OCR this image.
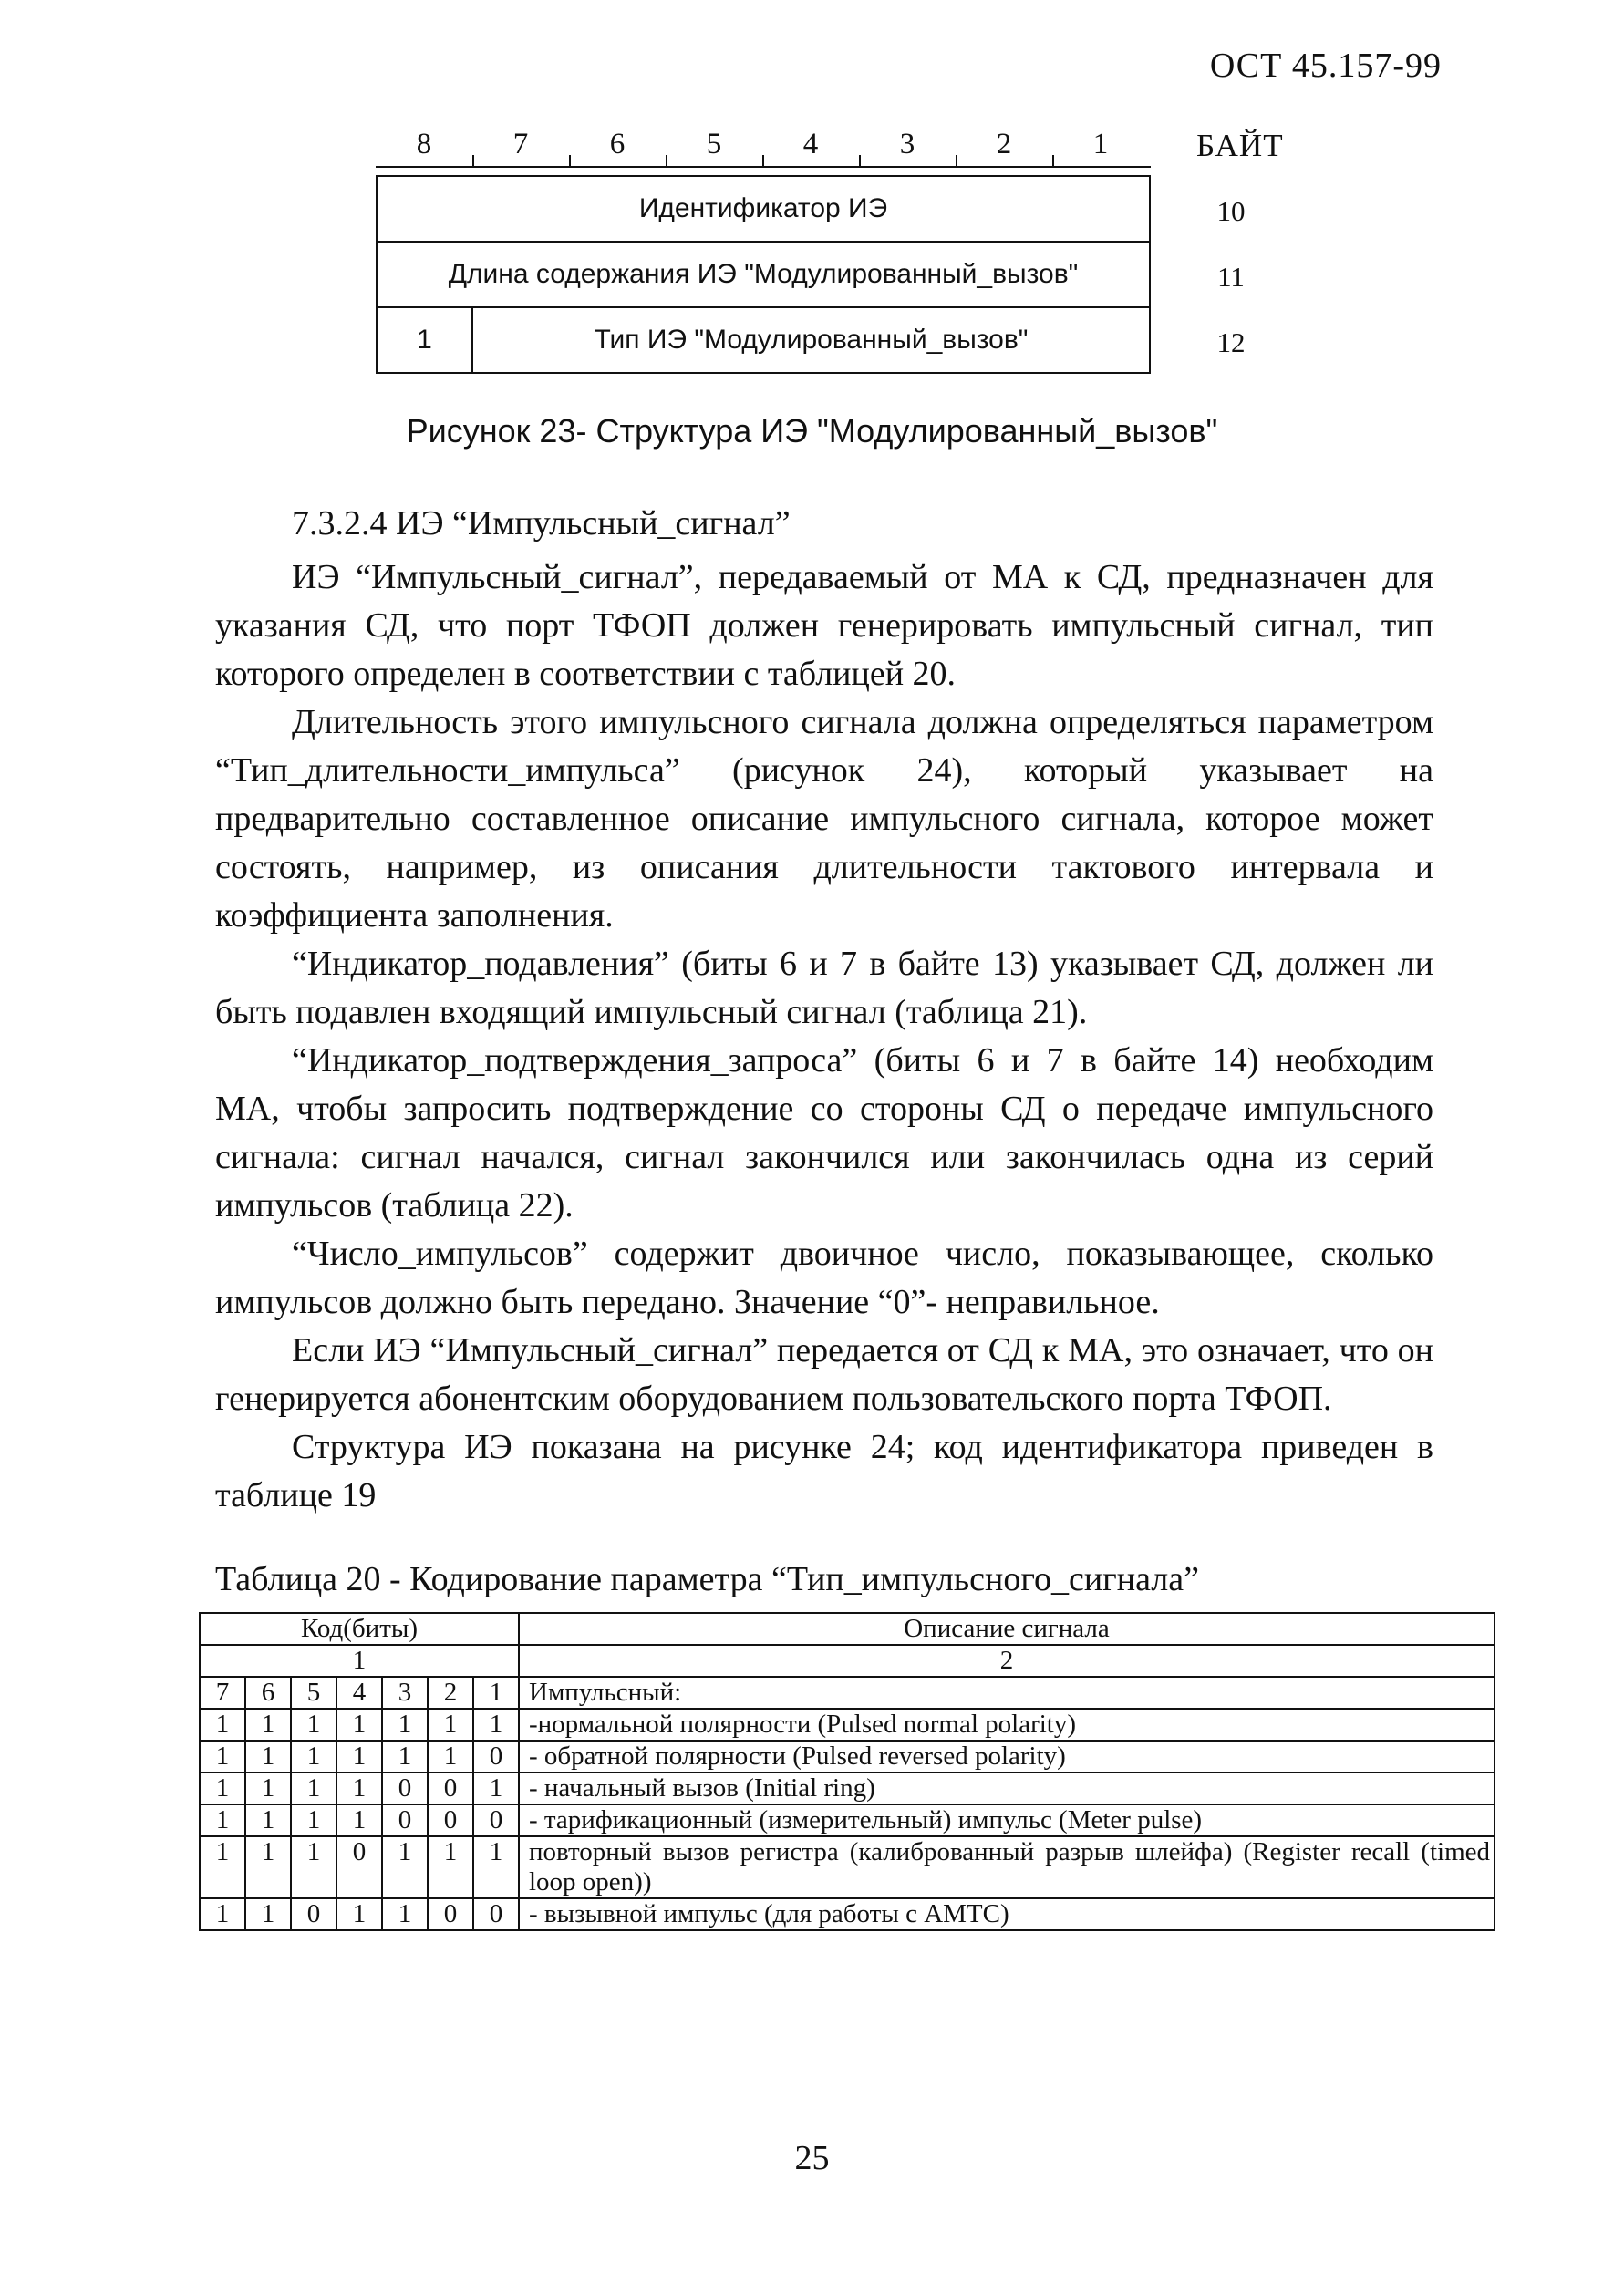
ОСТ 45.157-99
8	7	6	5	4	3	2	1	БАЙТ
Идентификатор ИЭ
Длина содержания ИЭ "Модулированный_вызов"
1	Тип ИЭ "Модулированный_вызов"
10
11
12
Рисунок 23- Структура ИЭ "Модулированный_вызов"
7.3.2.4 ИЭ “Импульсный_сигнал”

ИЭ “Импульсный_сигнал”, передаваемый от МА к СД, предназначен для указания СД, что порт ТФОП должен генерировать импульсный сигнал, тип которого определен в соответствии с таблицей 20.

Длительность этого импульсного сигнала должна определяться параметром “Тип_длительности_импульса” (рисунок 24), который указывает на предварительно составленное описание импульсного сигнала, которое может состоять, например, из описания длительности тактового интервала и коэффициента заполнения.

“Индикатор_подавления” (биты 6 и 7 в байте 13) указывает СД, должен ли быть подавлен входящий импульсный сигнал (таблица 21).

“Индикатор_подтверждения_запроса” (биты 6 и 7 в байте 14) необходим МА, чтобы запросить подтверждение со стороны СД о передаче импульсного сигнала: сигнал начался, сигнал закончился или закончилась одна из серий импульсов (таблица 22).

“Число_импульсов” содержит двоичное число, показывающее, сколько импульсов должно быть передано. Значение “0”- неправильное.

Если ИЭ “Импульсный_сигнал” передается от СД к МА, это означает, что он генерируется абонентским оборудованием пользовательского порта ТФОП.

Структура ИЭ показана на рисунке 24; код идентификатора приведен в таблице 19

Таблица 20 - Кодирование параметра “Тип_импульсного_сигнала”
Код(биты)							Описание сигнала
1							2
7	6	5	4	3	2	1	Импульсный:
1	1	1	1	1	1	1	-нормальной полярности (Pulsed normal polarity)
1	1	1	1	1	1	0	- обратной полярности (Pulsed reversed polarity)
1	1	1	1	0	0	1	- начальный вызов (Initial ring)
1	1	1	1	0	0	0	- тарификационный (измерительный) импульс (Meter pulse)
1	1	1	0	1	1	1	повторный вызов регистра (калиброванный разрыв шлейфа) (Register recall (timed loop open))
1	1	0	1	1	0	0	- вызывной импульс (для работы с АМТС)
25
